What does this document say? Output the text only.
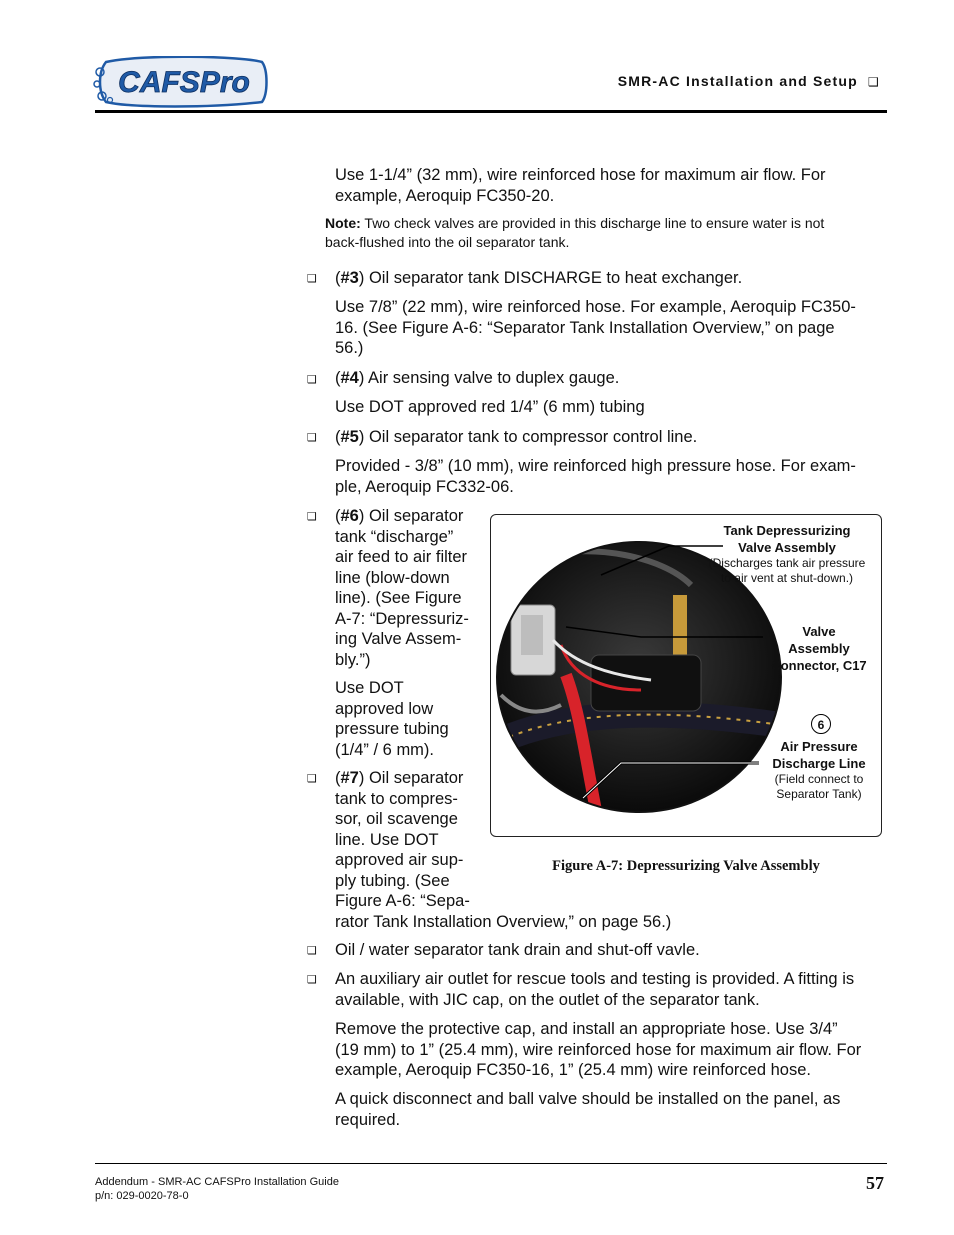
CAFSPro	SMR-AC Installation and Setup ❑
Use 1-1/4” (32 mm), wire reinforced hose for maximum air flow. For
example, Aeroquip FC350-20.
Note: Two check valves are provided in this discharge line to ensure water is not
back-flushed into the oil separator tank.
❑ (#3) Oil separator tank DISCHARGE to heat exchanger.
Use 7/8” (22 mm), wire reinforced hose. For example, Aeroquip FC350-
16. (See Figure A-6: “Separator Tank Installation Overview,” on page
56.)
❑ (#4) Air sensing valve to duplex gauge.
Use DOT approved red 1/4” (6 mm) tubing
❑ (#5) Oil separator tank to compressor control line.
Provided - 3/8” (10 mm), wire reinforced high pressure hose. For exam-
ple, Aeroquip FC332-06.
❑ (#6) Oil separator
tank “discharge”
air feed to air filter
line (blow-down
line). (See Figure
A-7: “Depressuriz-
ing Valve Assem-
bly.”)
Use DOT
approved low
pressure tubing
(1/4” / 6 mm).
❑ (#7) Oil separator
tank to compres-
sor, oil scavenge
line. Use DOT
approved air sup-
ply tubing. (See
Figure A-6: “Sepa-
rator Tank Installation Overview,” on page 56.)
Tank Depressurizing
Valve Assembly
(Discharges tank air pressure
to air vent at shut-down.)
Valve
Assembly
Connector, C17
6
Air Pressure
Discharge Line
(Field connect to
Separator Tank)
Figure A-7: Depressurizing Valve Assembly
❑ Oil / water separator tank drain and shut-off vavle.
❑ An auxiliary air outlet for rescue tools and testing is provided. A fitting is
available, with JIC cap, on the outlet of the separator tank.
Remove the protective cap, and install an appropriate hose. Use 3/4”
(19 mm) to 1” (25.4 mm), wire reinforced hose for maximum air flow. For
example, Aeroquip FC350-16, 1” (25.4 mm) wire reinforced hose.
A quick disconnect and ball valve should be installed on the panel, as
required.
Addendum - SMR-AC CAFSPro Installation Guide
p/n: 029-0020-78-0
57
